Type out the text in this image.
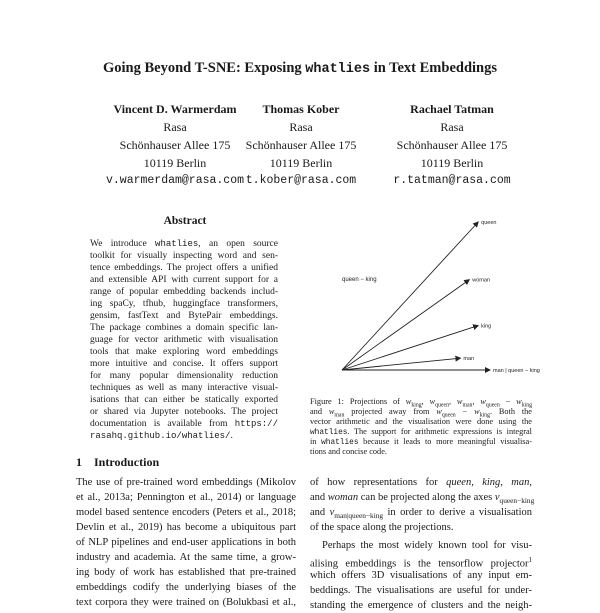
Going Beyond T-SNE: Exposing whatlies in Text Embeddings
Vincent D. Warmerdam
Rasa
Schönhauser Allee 175
10119 Berlin
v.warmerdam@rasa.com
Thomas Kober
Rasa
Schönhauser Allee 175
10119 Berlin
t.kober@rasa.com
Rachael Tatman
Rasa
Schönhauser Allee 175
10119 Berlin
r.tatman@rasa.com
Abstract
We introduce whatlies, an open source
toolkit for visually inspecting word and sen-
tence embeddings. The project offers a unified
and extensible API with current support for a
range of popular embedding backends includ-
ing spaCy, tfhub, huggingface transformers,
gensim, fastText and BytePair embeddings.
The package combines a domain specific lan-
guage for vector arithmetic with visualisation
tools that make exploring word embeddings
more intuitive and concise. It offers support
for many popular dimensionality reduction
techniques as well as many interactive visual-
isations that can either be statically exported
or shared via Jupyter notebooks. The project
documentation is available from https://
rasahq.github.io/whatlies/.
1 Introduction
The use of pre-trained word embeddings (Mikolov
et al., 2013a; Pennington et al., 2014) or language
model based sentence encoders (Peters et al., 2018;
Devlin et al., 2019) has become a ubiquitous part
of NLP pipelines and end-user applications in both
industry and academia. At the same time, a grow-
ing body of work has established that pre-trained
embeddings codify the underlying biases of the
text corpora they were trained on (Bolukbasi et al.,
queen
woman
king
man
man | queen − king
queen − king
Figure 1: Projections of $w_{king}$, $w_{queen}$, $w_{man}$, $w_{queen} - w_{king}$
and $w_{man}$ projected away from $w_{queen} - w_{king}$. Both the
vector arithmetic and the visualisation were done using the
whatlies. The support for arithmetic expressions is integral
in whatlies because it leads to more meaningful visualisa-
tions and concise code.
of how representations for queen, king, man,
and woman can be projected along the axes $v_{queen-king}$
and $v_{man|queen-king}$ in order to derive a visualisation
of the space along the projections.
Perhaps the most widely known tool for visu-
alising embeddings is the tensorflow projector$^1$
which offers 3D visualisations of any input em-
beddings. The visualisations are useful for under-
standing the emergence of clusters and the neigh-
